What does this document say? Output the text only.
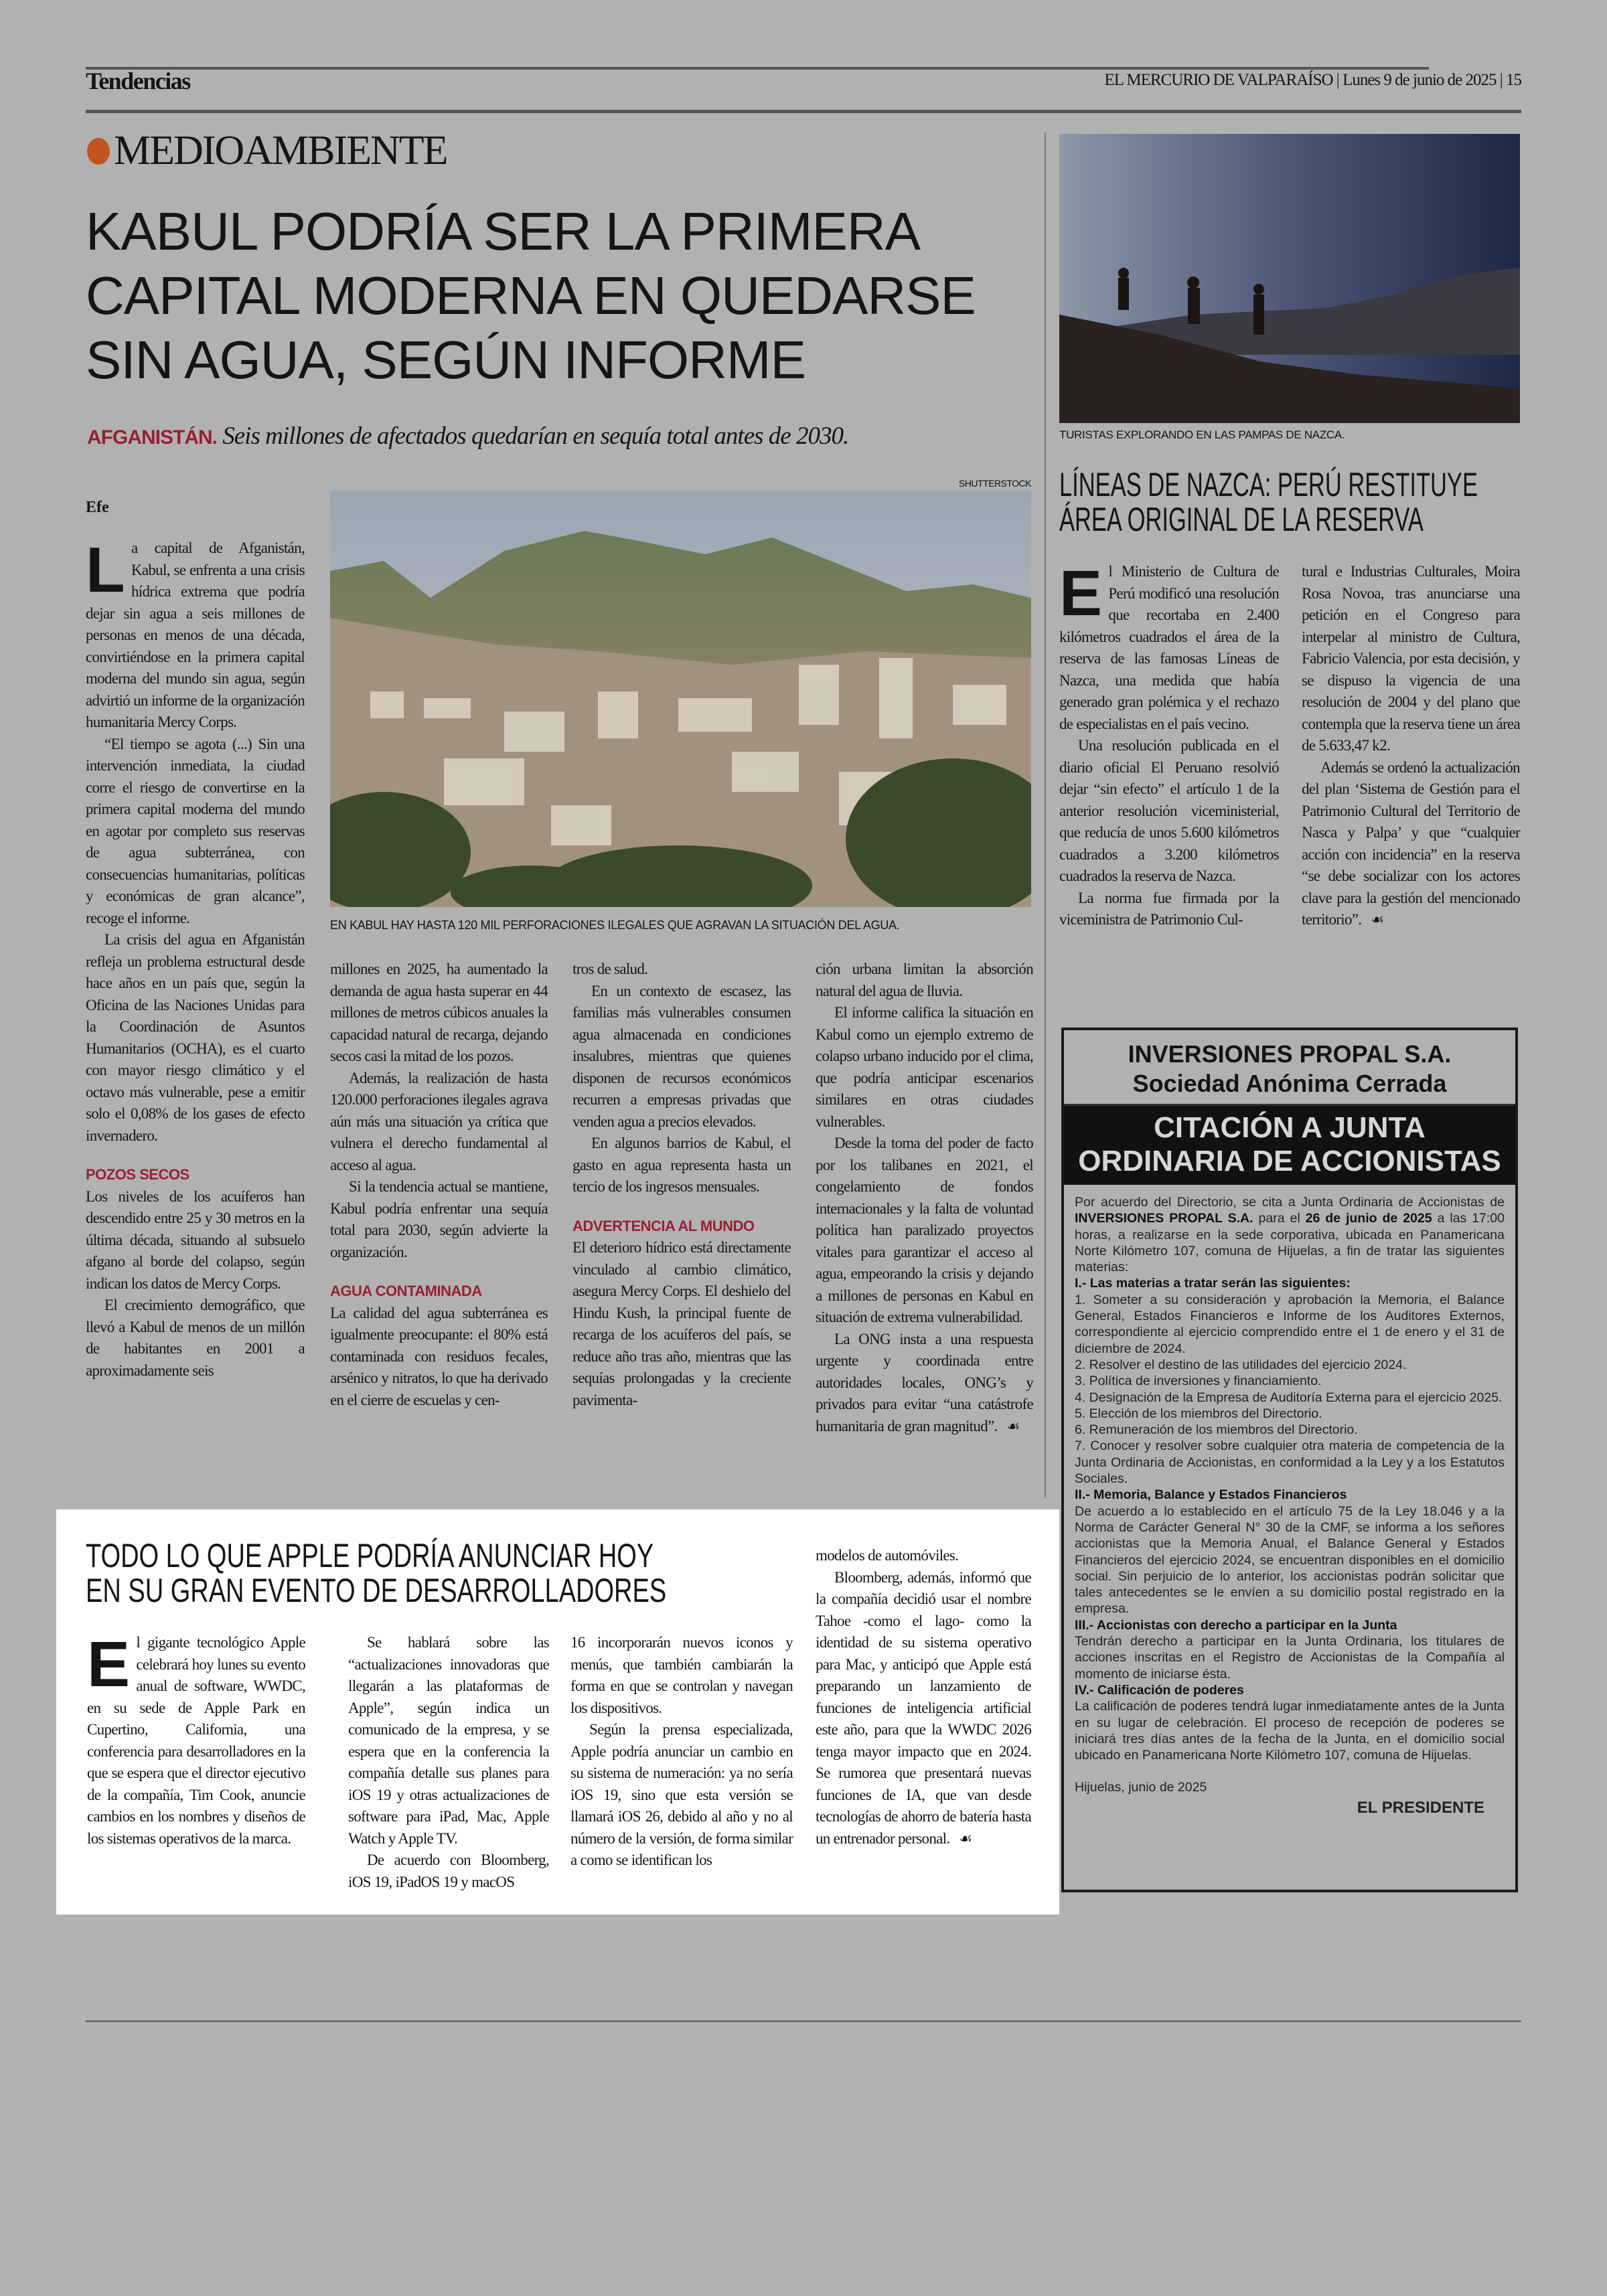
Tendencias	EL MERCURIO DE VALPARAÍSO | Lunes 9 de junio de 2025 | 15
MEDIOAMBIENTE
KABUL PODRÍA SER LA PRIMERA
CAPITAL MODERNA EN QUEDARSE
SIN AGUA, SEGÚN INFORME
AFGANISTÁN. Seis millones de afectados quedarían en sequía total antes de 2030.
Efe
SHUTTERSTOCK
EN KABUL HAY HASTA 120 MIL PERFORACIONES ILEGALES QUE AGRAVAN LA SITUACIÓN DEL AGUA.

La capital de Afganistán, Kabul, se enfrenta a una crisis hídrica extrema que podría dejar sin agua a seis millones de personas en menos de una década, convirtiéndose en la primera capital moderna del mundo sin agua, según advirtió un informe de la organización humanitaria Mercy Corps.

“El tiempo se agota (...) Sin una intervención inmediata, la ciudad corre el riesgo de convertirse en la primera capital moderna del mundo en agotar por completo sus reservas de agua subterránea, con consecuencias humanitarias, políticas y económicas de gran alcance”, recoge el informe.

La crisis del agua en Afganistán refleja un problema estructural desde hace años en un país que, según la Oficina de las Naciones Unidas para la Coordinación de Asuntos Humanitarios (OCHA), es el cuarto con mayor riesgo climático y el octavo más vulnerable, pese a emitir solo el 0,08% de los gases de efecto invernadero.

POZOS SECOS

Los niveles de los acuíferos han descendido entre 25 y 30 metros en la última década, situando al subsuelo afgano al borde del colapso, según indican los datos de Mercy Corps.

El crecimiento demográfico, que llevó a Kabul de menos de un millón de habitantes en 2001 a aproximadamente seis

millones en 2025, ha aumentado la demanda de agua hasta superar en 44 millones de metros cúbicos anuales la capacidad natural de recarga, dejando secos casi la mitad de los pozos.

Además, la realización de hasta 120.000 perforaciones ilegales agrava aún más una situación ya crítica que vulnera el derecho fundamental al acceso al agua.

Si la tendencia actual se mantiene, Kabul podría enfrentar una sequía total para 2030, según advierte la organización.

AGUA CONTAMINADA

La calidad del agua subterránea es igualmente preocupante: el 80% está contaminada con residuos fecales, arsénico y nitratos, lo que ha derivado en el cierre de escuelas y cen-

tros de salud.

En un contexto de escasez, las familias más vulnerables consumen agua almacenada en condiciones insalubres, mientras que quienes disponen de recursos económicos recurren a empresas privadas que venden agua a precios elevados.

En algunos barrios de Kabul, el gasto en agua representa hasta un tercio de los ingresos mensuales.

ADVERTENCIA AL MUNDO

El deterioro hídrico está directamente vinculado al cambio climático, asegura Mercy Corps. El deshielo del Hindu Kush, la principal fuente de recarga de los acuíferos del país, se reduce año tras año, mientras que las sequías prolongadas y la creciente pavimenta-

ción urbana limitan la absorción natural del agua de lluvia.

El informe califica la situación en Kabul como un ejemplo extremo de colapso urbano inducido por el clima, que podría anticipar escenarios similares en otras ciudades vulnerables.

Desde la toma del poder de facto por los talibanes en 2021, el congelamiento de fondos internacionales y la falta de voluntad política han paralizado proyectos vitales para garantizar el acceso al agua, empeorando la crisis y dejando a millones de personas en Kabul en situación de extrema vulnerabilidad.

La ONG insta a una respuesta urgente y coordinada entre autoridades locales, ONG’s y privados para evitar “una catástrofe humanitaria de gran magnitud”. ☙

TURISTAS EXPLORANDO EN LAS PAMPAS DE NAZCA.
LÍNEAS DE NAZCA: PERÚ RESTITUYE
ÁREA ORIGINAL DE LA RESERVA

El Ministerio de Cultura de Perú modificó una resolución que recortaba en 2.400 kilómetros cuadrados el área de la reserva de las famosas Líneas de Nazca, una medida que había generado gran polémica y el rechazo de especialistas en el país vecino.

Una resolución publicada en el diario oficial El Peruano resolvió dejar “sin efecto” el artículo 1 de la anterior resolución viceministerial, que reducía de unos 5.600 kilómetros cuadrados a 3.200 kilómetros cuadrados la reserva de Nazca.

La norma fue firmada por la viceministra de Patrimonio Cul-

tural e Industrias Culturales, Moira Rosa Novoa, tras anunciarse una petición en el Congreso para interpelar al ministro de Cultura, Fabricio Valencia, por esta decisión, y se dispuso la vigencia de una resolución de 2004 y del plano que contempla que la reserva tiene un área de 5.633,47 k2.

Además se ordenó la actualización del plan ‘Sistema de Gestión para el Patrimonio Cultural del Territorio de Nasca y Palpa’ y que “cualquier acción con incidencia” en la reserva “se debe socializar con los actores clave para la gestión del mencionado territorio”. ☙

INVERSIONES PROPAL S.A.
Sociedad Anónima Cerrada
CITACIÓN A JUNTA
ORDINARIA DE ACCIONISTAS

Por acuerdo del Directorio, se cita a Junta Ordinaria de Accionistas de INVERSIONES PROPAL S.A. para el 26 de junio de 2025 a las 17:00 horas, a realizarse en la sede corporativa, ubicada en Panamericana Norte Kilómetro 107, comuna de Hijuelas, a fin de tratar las siguientes materias:

I.- Las materias a tratar serán las siguientes:

1. Someter a su consideración y aprobación la Memoria, el Balance General, Estados Financieros e Informe de los Auditores Externos, correspondiente al ejercicio comprendido entre el 1 de enero y el 31 de diciembre de 2024.

2. Resolver el destino de las utilidades del ejercicio 2024.

3. Política de inversiones y financiamiento.

4. Designación de la Empresa de Auditoría Externa para el ejercicio 2025.

5. Elección de los miembros del Directorio.

6. Remuneración de los miembros del Directorio.

7. Conocer y resolver sobre cualquier otra materia de competencia de la Junta Ordinaria de Accionistas, en conformidad a la Ley y a los Estatutos Sociales.

II.- Memoria, Balance y Estados Financieros

De acuerdo a lo establecido en el artículo 75 de la Ley 18.046 y a la Norma de Carácter General N° 30 de la CMF, se informa a los señores accionistas que la Memoria Anual, el Balance General y Estados Financieros del ejercicio 2024, se encuentran disponibles en el domicilio social. Sin perjuicio de lo anterior, los accionistas podrán solicitar que tales antecedentes se le envíen a su domicilio postal registrado en la empresa.

III.- Accionistas con derecho a participar en la Junta

Tendrán derecho a participar en la Junta Ordinaria, los titulares de acciones inscritas en el Registro de Accionistas de la Compañía al momento de iniciarse ésta.

IV.- Calificación de poderes

La calificación de poderes tendrá lugar inmediatamente antes de la Junta en su lugar de celebración. El proceso de recepción de poderes se iniciará tres días antes de la fecha de la Junta, en el domicilio social ubicado en Panamericana Norte Kilómetro 107, comuna de Hijuelas.

Hijuelas, junio de 2025
EL PRESIDENTE
TODO LO QUE APPLE PODRÍA ANUNCIAR HOY
EN SU GRAN EVENTO DE DESARROLLADORES

El gigante tecnológico Apple celebrará hoy lunes su evento anual de software, WWDC, en su sede de Apple Park en Cupertino, California, una conferencia para desarrolladores en la que se espera que el director ejecutivo de la compañía, Tim Cook, anuncie cambios en los nombres y diseños de los sistemas operativos de la marca.

Se hablará sobre las “actualizaciones innovadoras que llegarán a las plataformas de Apple”, según indica un comunicado de la empresa, y se espera que en la conferencia la compañía detalle sus planes para iOS 19 y otras actualizaciones de software para iPad, Mac, Apple Watch y Apple TV.

De acuerdo con Bloomberg, iOS 19, iPadOS 19 y macOS

16 incorporarán nuevos iconos y menús, que también cambiarán la forma en que se controlan y navegan los dispositivos.

Según la prensa especializada, Apple podría anunciar un cambio en su sistema de numeración: ya no sería iOS 19, sino que esta versión se llamará iOS 26, debido al año y no al número de la versión, de forma similar a como se identifican los

modelos de automóviles.

Bloomberg, además, informó que la compañía decidió usar el nombre Tahoe -como el lago- como la identidad de su sistema operativo para Mac, y anticipó que Apple está preparando un lanzamiento de funciones de inteligencia artificial este año, para que la WWDC 2026 tenga mayor impacto que en 2024. Se rumorea que presentará nuevas funciones de IA, que van desde tecnologías de ahorro de batería hasta un entrenador personal. ☙
